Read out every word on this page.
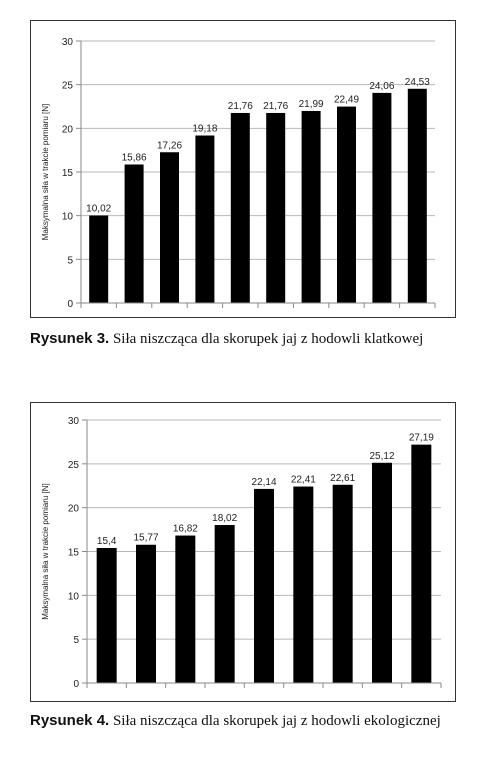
0
5
10
15
20
25
30
10,02
15,86
17,26
19,18
21,76 21,76 21,99 22,49
24,06 24,53
Maksymalna siła w trakcie pomiaru [N]
Rysunek 3. Siła niszcząca dla skorupek jaj z hodowli klatkowej
0
5
10
15
20
25
30
15,4 15,77
16,82
18,02
22,14 22,41 22,61
25,12
27,19
Maksymalna siła w trakcie pomiaru [N]
Rysunek 4. Siła niszcząca dla skorupek jaj z hodowli ekologicznej
